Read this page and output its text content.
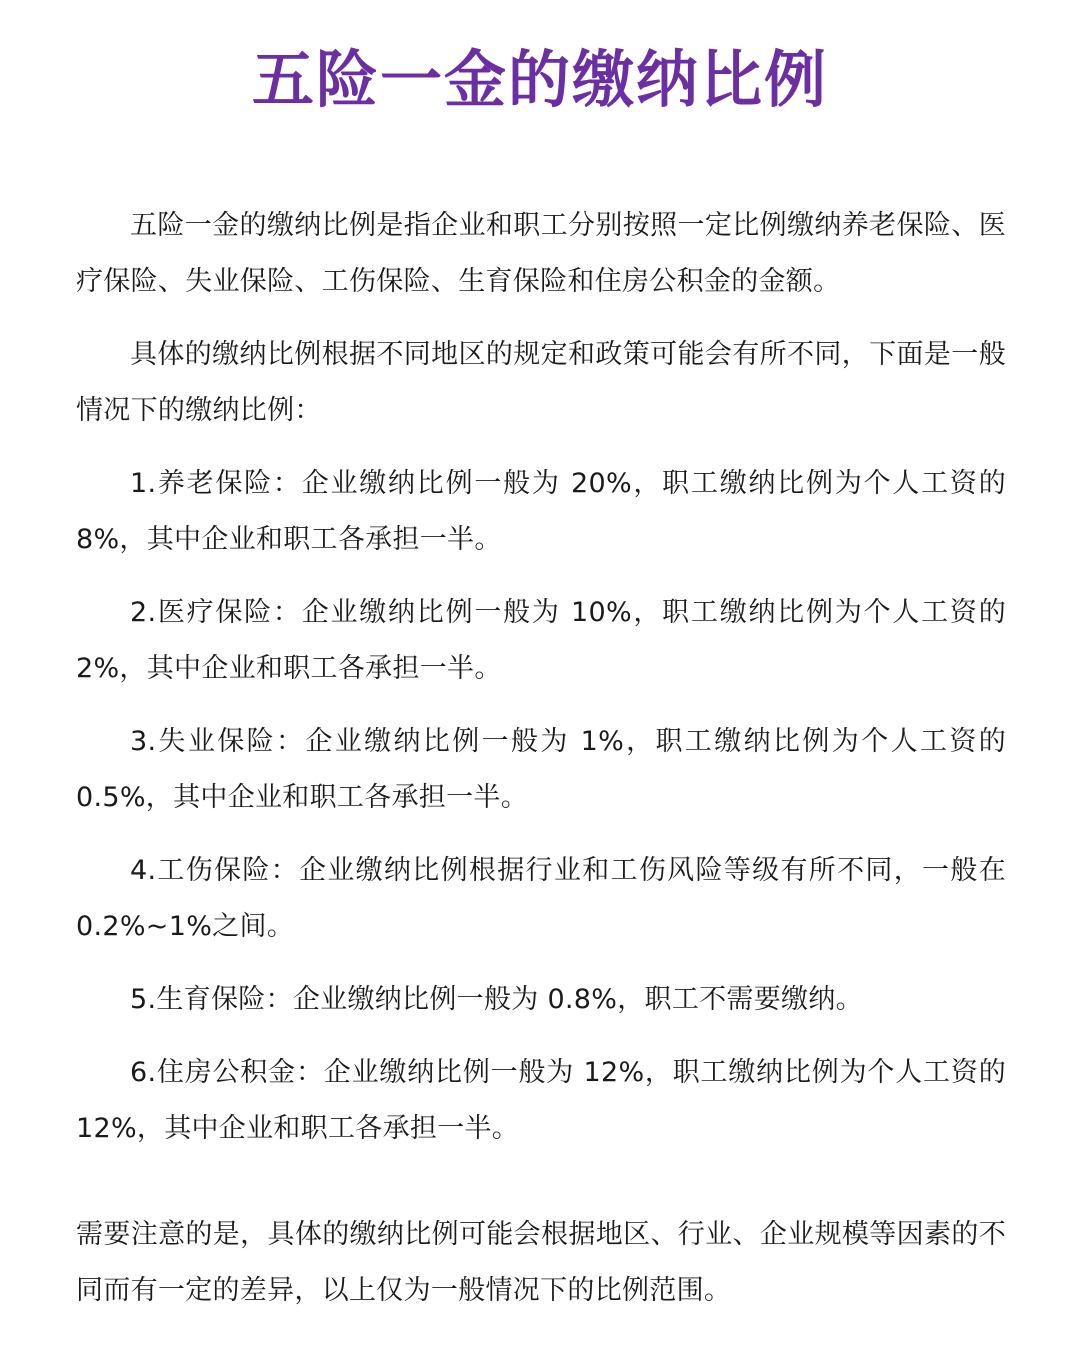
五险一金的缴纳比例

五险一金的缴纳比例是指企业和职工分别按照一定比例缴纳养老保险、医疗保险、失业保险、工伤保险、生育保险和住房公积金的金额。

具体的缴纳比例根据不同地区的规定和政策可能会有所不同，下面是一般情况下的缴纳比例：

1.养老保险：企业缴纳比例一般为 20%，职工缴纳比例为个人工资的 8%，其中企业和职工各承担一半。

2.医疗保险：企业缴纳比例一般为 10%，职工缴纳比例为个人工资的 2%，其中企业和职工各承担一半。

3.失业保险：企业缴纳比例一般为 1%，职工缴纳比例为个人工资的 0.5%，其中企业和职工各承担一半。

4.工伤保险：企业缴纳比例根据行业和工伤风险等级有所不同，一般在 0.2%~1%之间。

5.生育保险：企业缴纳比例一般为 0.8%，职工不需要缴纳。

6.住房公积金：企业缴纳比例一般为 12%，职工缴纳比例为个人工资的 12%，其中企业和职工各承担一半。

需要注意的是，具体的缴纳比例可能会根据地区、行业、企业规模等因素的不同而有一定的差异，以上仅为一般情况下的比例范围。
